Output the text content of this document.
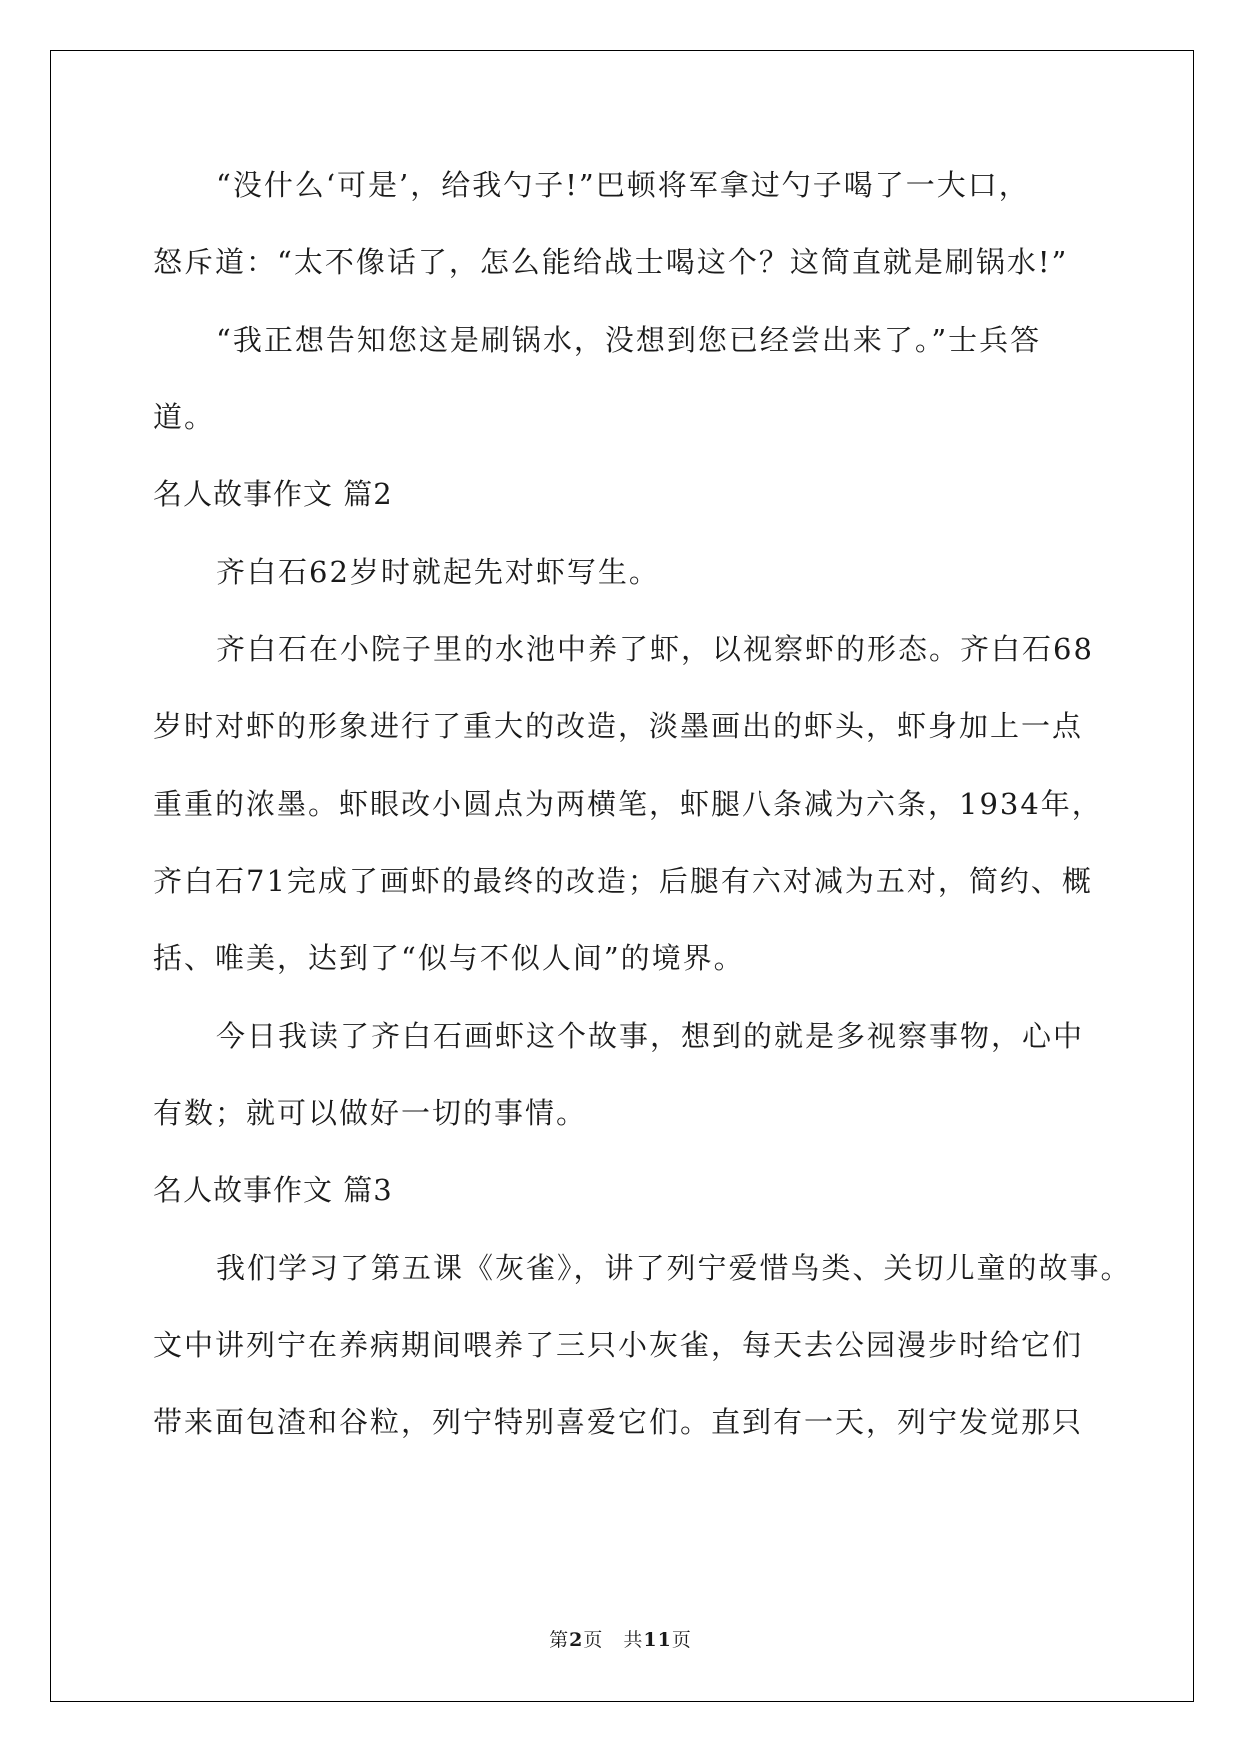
“没什么‘可是’，给我勺子!”巴顿将军拿过勺子喝了一大口，
怒斥道：“太不像话了，怎么能给战士喝这个？这简直就是刷锅水!”
“我正想告知您这是刷锅水，没想到您已经尝出来了。”士兵答
道。
名人故事作文 篇2
齐白石62岁时就起先对虾写生。
齐白石在小院子里的水池中养了虾，以视察虾的形态。齐白石68
岁时对虾的形象进行了重大的改造，淡墨画出的虾头，虾身加上一点
重重的浓墨。虾眼改小圆点为两横笔，虾腿八条减为六条，1934年，
齐白石71完成了画虾的最终的改造；后腿有六对减为五对，简约、概
括、唯美，达到了“似与不似人间”的境界。
今日我读了齐白石画虾这个故事，想到的就是多视察事物，心中
有数；就可以做好一切的事情。
名人故事作文 篇3
我们学习了第五课《灰雀》，讲了列宁爱惜鸟类、关切儿童的故事。
文中讲列宁在养病期间喂养了三只小灰雀，每天去公园漫步时给它们
带来面包渣和谷粒，列宁特别喜爱它们。直到有一天，列宁发觉那只
第2页　共11页
